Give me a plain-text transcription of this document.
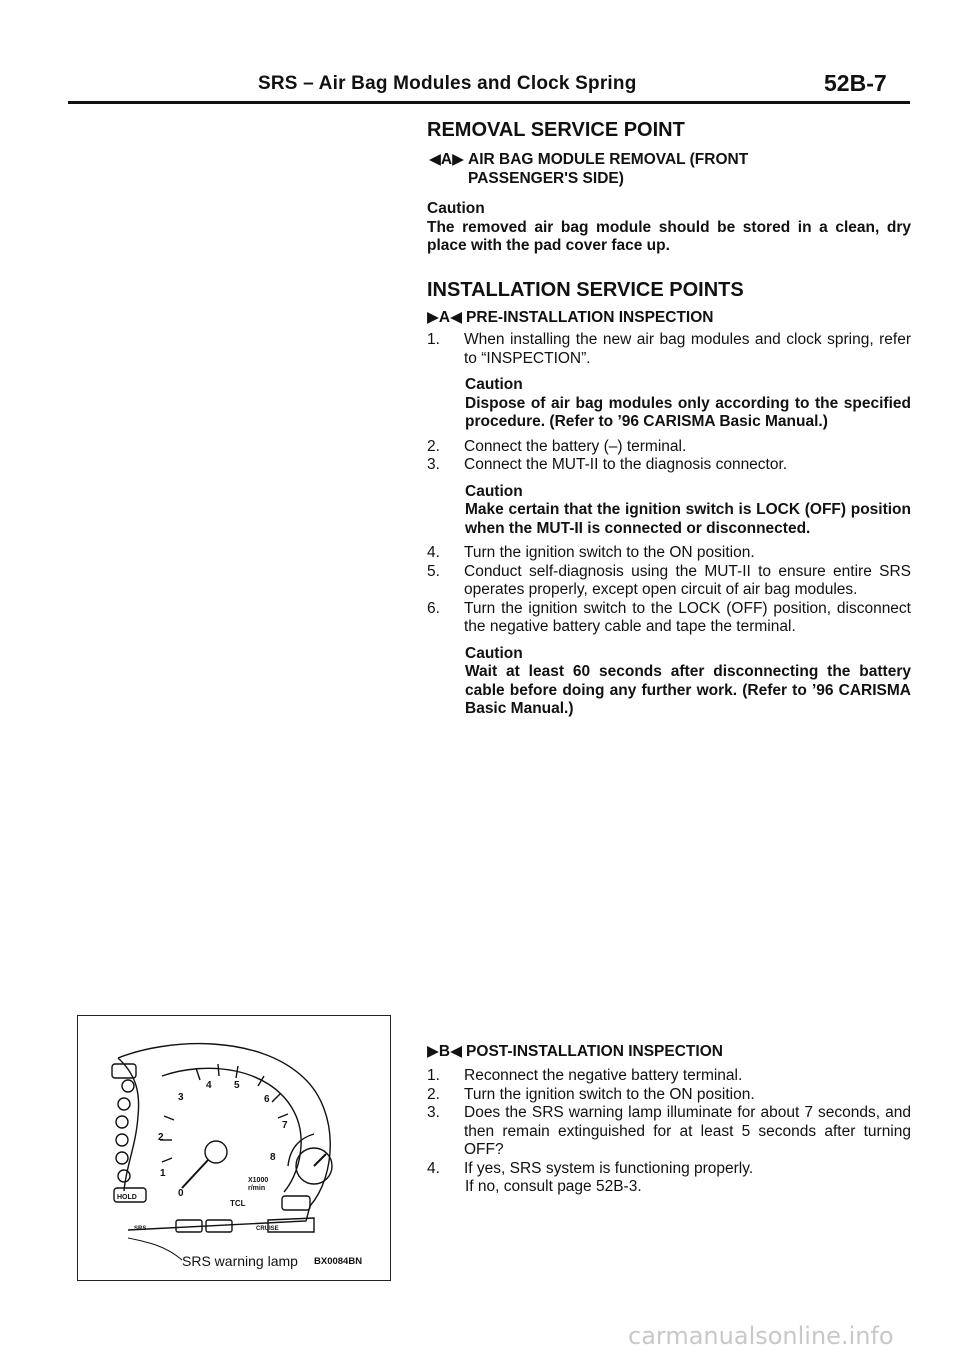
SRS – Air Bag Modules and Clock Spring	52B-7
REMOVAL SERVICE POINT
◀A▶ AIR BAG MODULE REMOVAL (FRONT
PASSENGER'S SIDE)
Caution
The removed air bag module should be stored in a clean, dry place with the pad cover face up.
INSTALLATION SERVICE POINTS
▶A◀ PRE-INSTALLATION INSPECTION
1.	When installing the new air bag modules and clock spring, refer to “INSPECTION”.
Caution
Dispose of air bag modules only according to the specified procedure. (Refer to ’96 CARISMA Basic Manual.)
2.	Connect the battery (–) terminal.
3.	Connect the MUT-II to the diagnosis connector.
Caution
Make certain that the ignition switch is LOCK (OFF) position when the MUT-II is connected or disconnected.
4.	Turn the ignition switch to the ON position.
5.	Conduct self-diagnosis using the MUT-II to ensure entire SRS operates properly, except open circuit of air bag modules.
6.	Turn the ignition switch to the LOCK (OFF) position, disconnect the negative battery cable and tape the terminal.
Caution
Wait at least 60 seconds after disconnecting the battery cable before doing any further work. (Refer to ’96 CARISMA Basic Manual.)
▶B◀ POST-INSTALLATION INSPECTION
1.	Reconnect the negative battery terminal.
2.	Turn the ignition switch to the ON position.
3.	Does the SRS warning lamp illuminate for about 7 seconds, and then remain extinguished for at least 5 seconds after turning OFF?
4.	If yes, SRS system is functioning properly.
If no, consult page 52B-3.
1
2
3
4 5
6
7
8
0
X1000
r/min
TCL
HOLD
CRUISE
SRS
SRS warning lamp BX0084BN
carmanualsonline.info
